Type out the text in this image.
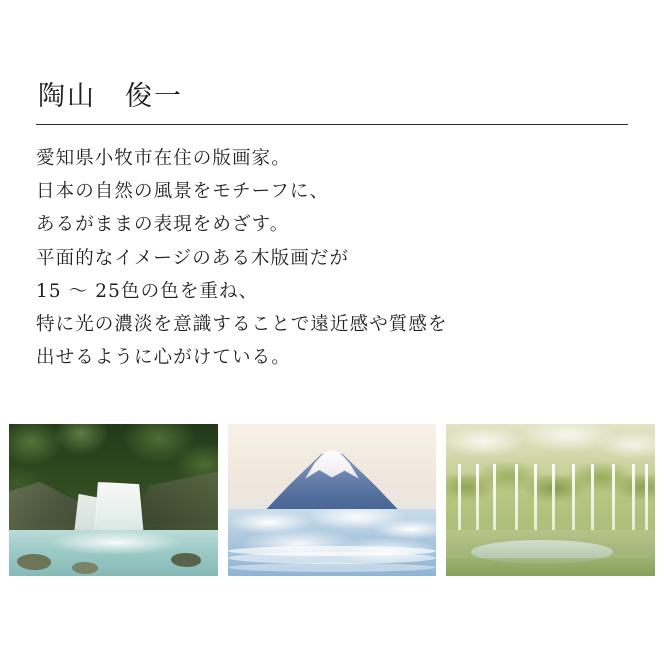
陶山　俊一

愛知県小牧市在住の版画家。

日本の自然の風景をモチーフに、

あるがままの表現をめざす。

平面的なイメージのある木版画だが

15 〜 25色の色を重ね、

特に光の濃淡を意識することで遠近感や質感を

出せるように心がけている。
